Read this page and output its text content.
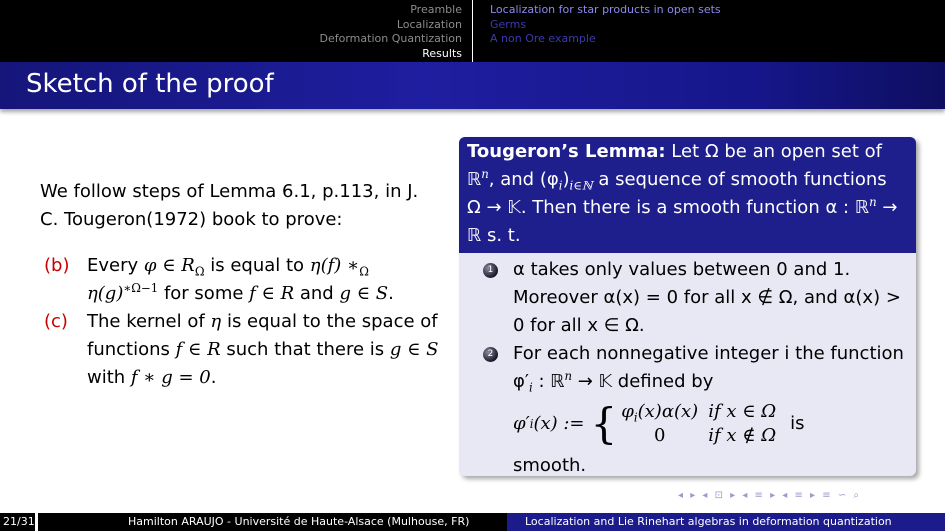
Preamble
Localization
Deformation Quantization
Results
Localization for star products in open sets
Germs
A non Ore example
Sketch of the proof
We follow steps of Lemma 6.1, p.113, in J. C. Tougeron(1972) book to prove:
(b) Every φ ∈ $R_\Omega$ is equal to η(f) $∗_\Omega$ $\eta(g)^{∗\Omega-1}$ for some f ∈ R and g ∈ S.
(c) The kernel of η is equal to the space of functions f ∈ R such that there is g ∈ S with f ∗ g = 0.
Tougeron’s Lemma: Let Ω be an open set of ℝ$^n$, and $(\varphi_i)_{i\in ℕ}$ a sequence of smooth functions Ω → 𝕂. Then there is a smooth function α : ℝ$^n$ → ℝ s. t.
1 α takes only values between 0 and 1. Moreover α(x) = 0 for all x ∉ Ω, and α(x) > 0 for all x ∈ Ω.
2 For each nonnegative integer i the function $\varphi'_i$ : ℝ$^n$ → 𝕂 defined by
φ′ i (x) := { $\varphi_i(x)\alpha(x)$	if x ∈ Ω
0	if x ∉ Ω
is
smooth.
◂ ▸ ◂ ⊡ ▸ ◂ ≡ ▸ ◂ ≡ ▸ ≡ ∽ ⌕
21/31	Hamilton ARAUJO - Université de Haute-Alsace (Mulhouse, FR)	Localization and Lie Rinehart algebras in deformation quantization
